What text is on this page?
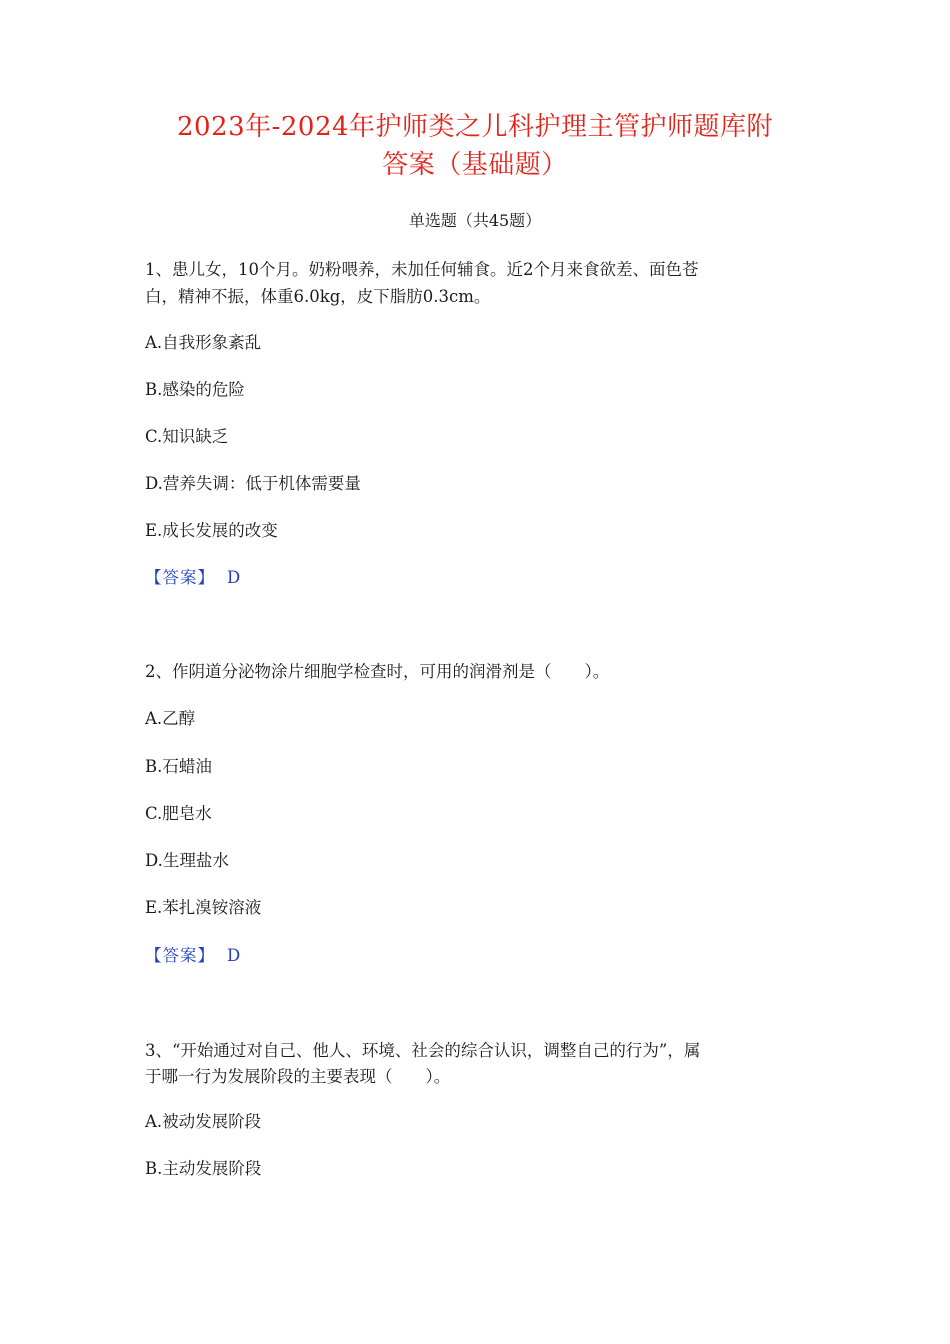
2023年-2024年护师类之儿科护理主管护师题库附
答案（基础题）
单选题（共45题）
1、患儿女，10个月。奶粉喂养，未加任何辅食。近2个月来食欲差、面色苍
白，精神不振，体重6.0kg，皮下脂肪0.3cm。
A.自我形象紊乱
B.感染的危险
C.知识缺乏
D.营养失调：低于机体需要量
E.成长发展的改变
【答案】 D
2、作阴道分泌物涂片细胞学检查时，可用的润滑剂是（　　）。
A.乙醇
B.石蜡油
C.肥皂水
D.生理盐水
E.苯扎溴铵溶液
【答案】 D
3、“开始通过对自己、他人、环境、社会的综合认识，调整自己的行为”，属
于哪一行为发展阶段的主要表现（　　）。
A.被动发展阶段
B.主动发展阶段
